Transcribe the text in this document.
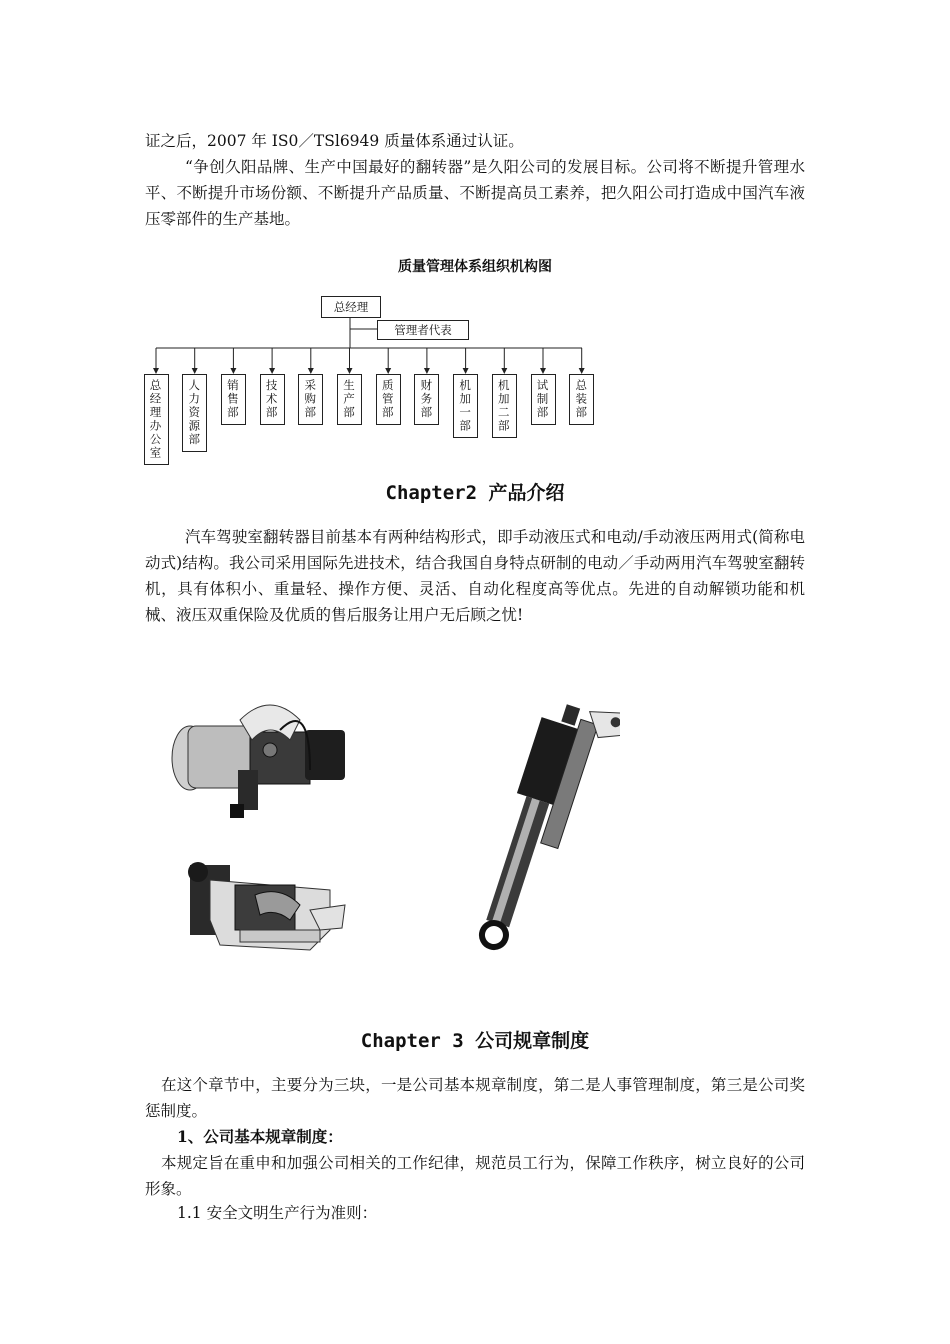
证之后，2007 年 IS0／TSl6949 质量体系通过认证。

“争创久阳品牌、生产中国最好的翻转器”是久阳公司的发展目标。公司将不断提升管理水平、不断提升市场份额、不断提升产品质量、不断提高员工素养，把久阳公司打造成中国汽车液压零部件的生产基地。

质量管理体系组织机构图

总经理
管理者代表
总经理办公室	人力资源部	销售部	技术部	采购部	生产部	质管部	财务部	机加一部	机加二部	试制部	总装部

Chapter2 产品介绍

汽车驾驶室翻转器目前基本有两种结构形式，即手动液压式和电动/手动液压两用式(简称电动式)结构。我公司采用国际先进技术，结合我国自身特点研制的电动／手动两用汽车驾驶室翻转机，具有体积小、重量轻、操作方便、灵活、自动化程度高等优点。先进的自动解锁功能和机械、液压双重保险及优质的售后服务让用户无后顾之忧!

Chapter 3 公司规章制度

在这个章节中，主要分为三块，一是公司基本规章制度，第二是人事管理制度，第三是公司奖惩制度。

1、公司基本规章制度：

本规定旨在重申和加强公司相关的工作纪律，规范员工行为，保障工作秩序，树立良好的公司形象。

1.1 安全文明生产行为准则：
